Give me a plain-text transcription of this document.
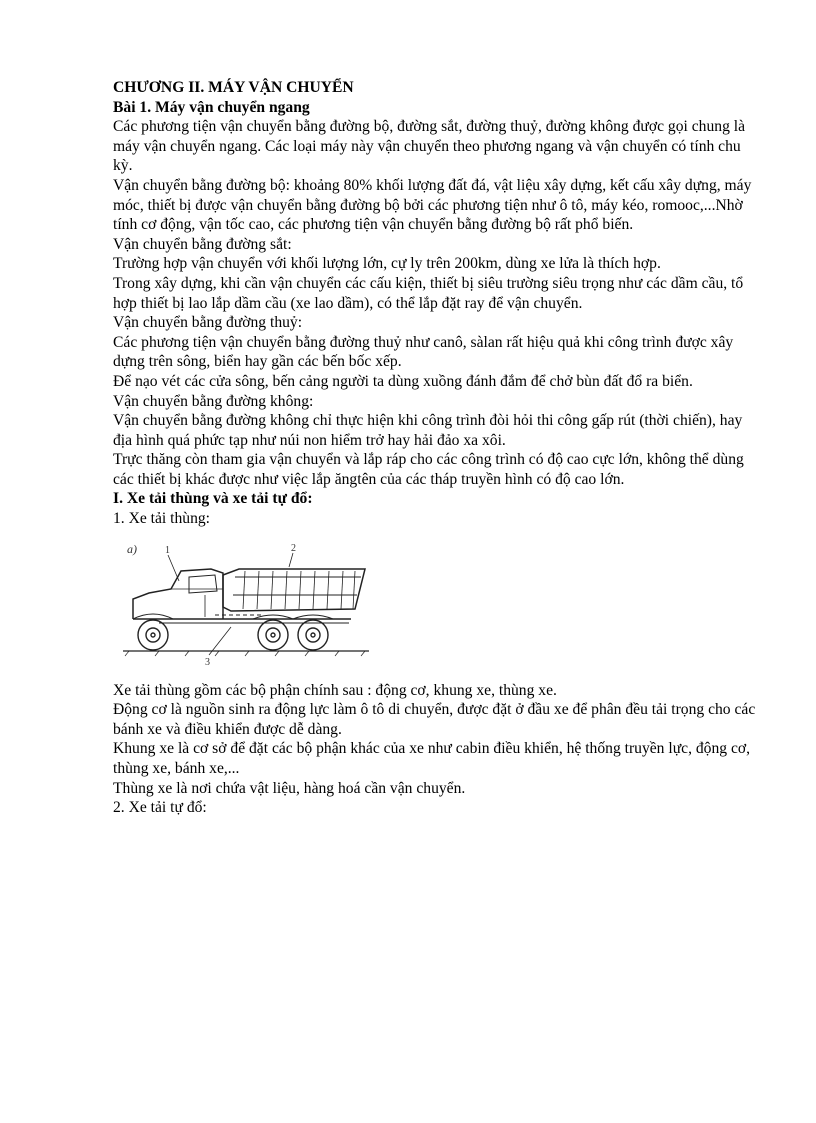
CHƯƠNG II. MÁY VẬN CHUYỂN

Bài 1. Máy vận chuyển ngang

Các phương tiện vận chuyển bằng đường bộ, đường sắt, đường thuỷ, đường không được gọi chung là máy vận chuyển ngang. Các loại máy này vận chuyển theo phương ngang và vận chuyển có tính chu kỳ.

Vận chuyển bằng đường bộ: khoảng 80% khối lượng đất đá, vật liệu xây dựng, kết cấu xây dựng, máy móc, thiết bị được vận chuyển bằng đường bộ bởi các phương tiện như ô tô, máy kéo, romooc,...Nhờ tính cơ động, vận tốc cao, các phương tiện vận chuyển bằng đường bộ rất phổ biến.

Vận chuyển bằng đường sắt:

Trường hợp vận chuyển với khối lượng lớn, cự ly trên 200km, dùng xe lửa là thích hợp.

Trong xây dựng, khi cần vận chuyển các cấu kiện, thiết bị siêu trường siêu trọng như các dầm cầu, tổ hợp thiết bị lao lắp dầm cầu (xe lao dầm), có thể lắp đặt ray để vận chuyển.

Vận chuyển bằng đường thuỷ:

Các phương tiện vận chuyển bằng đường thuỷ như canô, sàlan rất hiệu quả khi công trình được xây dựng trên sông, biển hay gần các bến bốc xếp.

Để nạo vét các cửa sông, bến cảng người ta dùng xuồng đánh đắm để chở bùn đất đổ ra biển.

Vận chuyển bằng đường không:

Vận chuyển bằng đường không chỉ thực hiện khi công trình đòi hỏi thi công gấp rút (thời chiến), hay địa hình quá phức tạp như núi non hiểm trở hay hải đảo xa xôi.

Trực thăng còn tham gia vận chuyển và lắp ráp cho các công trình có độ cao cực lớn, không thể dùng các thiết bị khác được như việc lắp ăngtên của các tháp truyền hình có độ cao lớn.

I. Xe tải thùng và xe tải tự đổ:

1. Xe tải thùng:

a)	1	2
3

Xe tải thùng gồm các bộ phận chính sau : động cơ, khung xe, thùng xe.

Động cơ là nguồn sinh ra động lực làm ô tô di chuyển, được đặt ở đầu xe để phân đều tải trọng cho các bánh xe và điều khiển được dễ dàng.

Khung xe là cơ sở để đặt các bộ phận khác của xe như cabin điều khiển, hệ thống truyền lực, động cơ, thùng xe, bánh xe,...

Thùng xe là nơi chứa vật liệu, hàng hoá cần vận chuyển.

2. Xe tải tự đổ:
